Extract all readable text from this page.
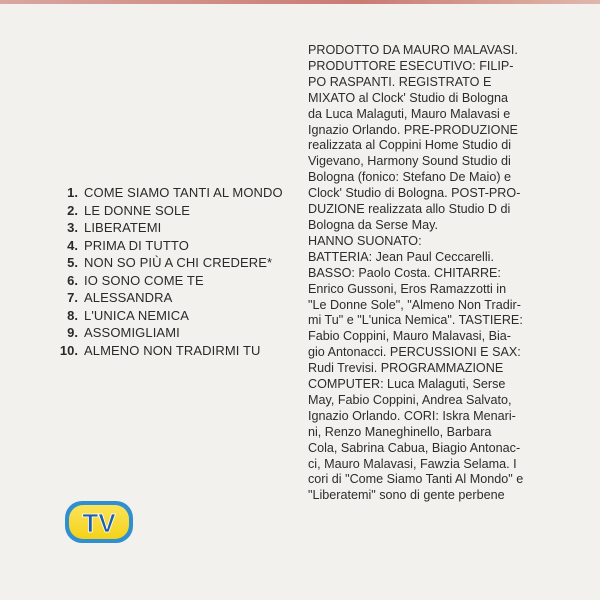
1. COME SIAMO TANTI AL MONDO
2. LE DONNE SOLE
3. LIBERATEMI
4. PRIMA DI TUTTO
5. NON SO PIÙ A CHI CREDERE*
6. IO SONO COME TE
7. ALESSANDRA
8. L'UNICA NEMICA
9. ASSOMIGLIAMI
10. ALMENO NON TRADIRMI TU
PRODOTTO DA MAURO MALAVASI.
PRODUTTORE ESECUTIVO: FILIP-
PO RASPANTI. REGISTRATO E
MIXATO al Clock' Studio di Bologna
da Luca Malaguti, Mauro Malavasi e
Ignazio Orlando. PRE-PRODUZIONE
realizzata al Coppini Home Studio di
Vigevano, Harmony Sound Studio di
Bologna (fonico: Stefano De Maio) e
Clock' Studio di Bologna. POST-PRO-
DUZIONE realizzata allo Studio D di
Bologna da Serse May.
HANNO SUONATO:
BATTERIA: Jean Paul Ceccarelli.
BASSO: Paolo Costa. CHITARRE:
Enrico Gussoni, Eros Ramazzotti in
"Le Donne Sole", "Almeno Non Tradir-
mi Tu" e "L'unica Nemica". TASTIERE:
Fabio Coppini, Mauro Malavasi, Bia-
gio Antonacci. PERCUSSIONI E SAX:
Rudi Trevisi. PROGRAMMAZIONE
COMPUTER: Luca Malaguti, Serse
May, Fabio Coppini, Andrea Salvato,
Ignazio Orlando. CORI: Iskra Menari-
ni, Renzo Maneghinello, Barbara
Cola, Sabrina Cabua, Biagio Antonac-
ci, Mauro Malavasi, Fawzia Selama. I
cori di "Come Siamo Tanti Al Mondo" e
"Liberatemi" sono di gente perbene
TV
